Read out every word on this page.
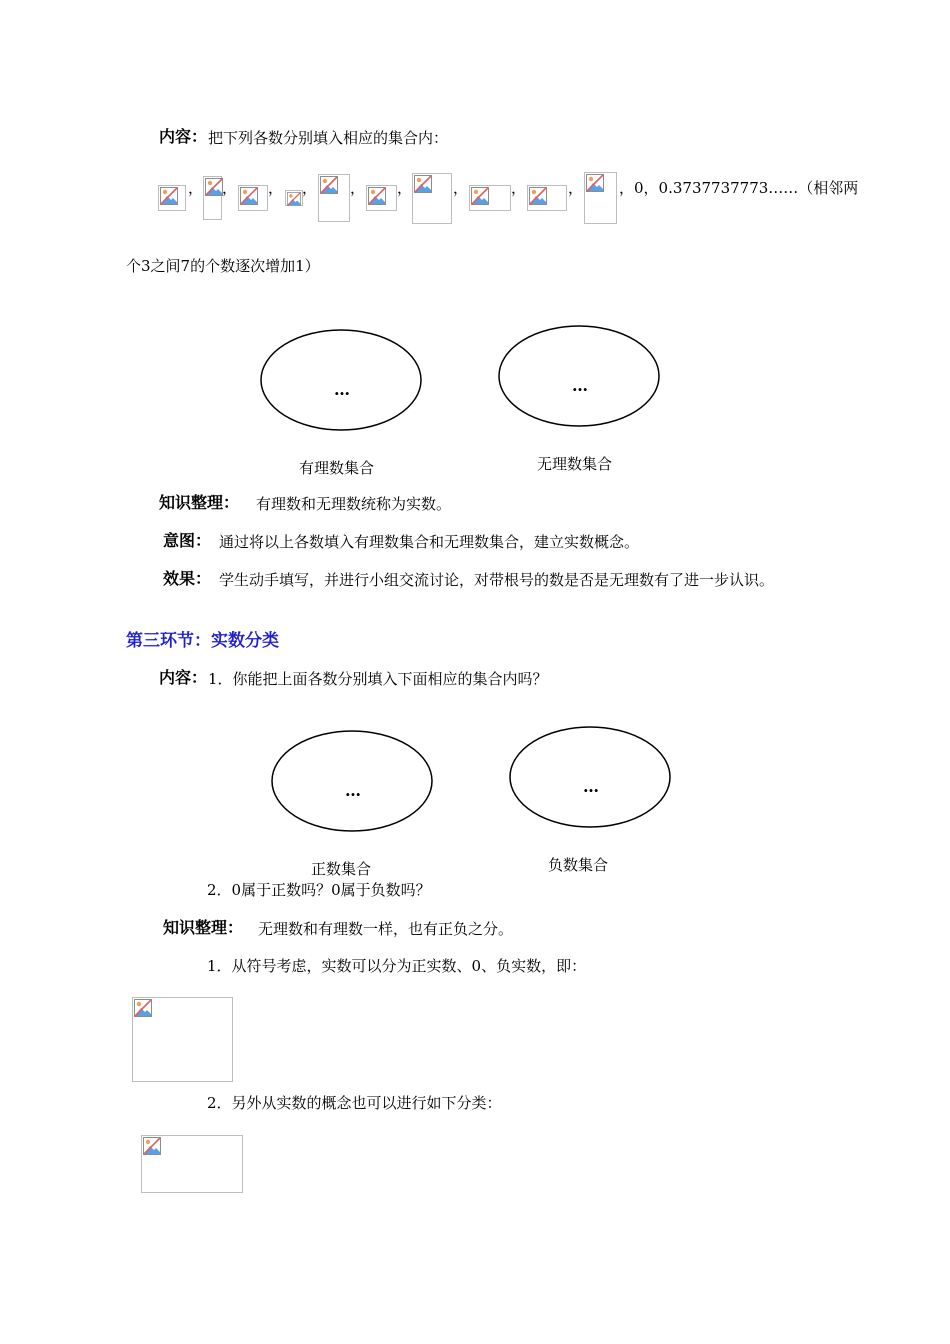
内容： 把下列各数分别填入相应的集合内：
， ， ， ， ， ，	，	，	， ，0，0.3737737773……（相邻两
个3之间7的个数逐次增加1）
…	…
有理数集合	无理数集合
知识整理： 有理数和无理数统称为实数。
意图： 通过将以上各数填入有理数集合和无理数集合，建立实数概念。
效果： 学生动手填写，并进行小组交流讨论，对带根号的数是否是无理数有了进一步认识。
第三环节：实数分类
内容： 1．你能把上面各数分别填入下面相应的集合内吗？
…	…
正数集合	负数集合
2．0属于正数吗？0属于负数吗？
知识整理： 无理数和有理数一样，也有正负之分。
1．从符号考虑，实数可以分为正实数、0、负实数，即：
2．另外从实数的概念也可以进行如下分类：
